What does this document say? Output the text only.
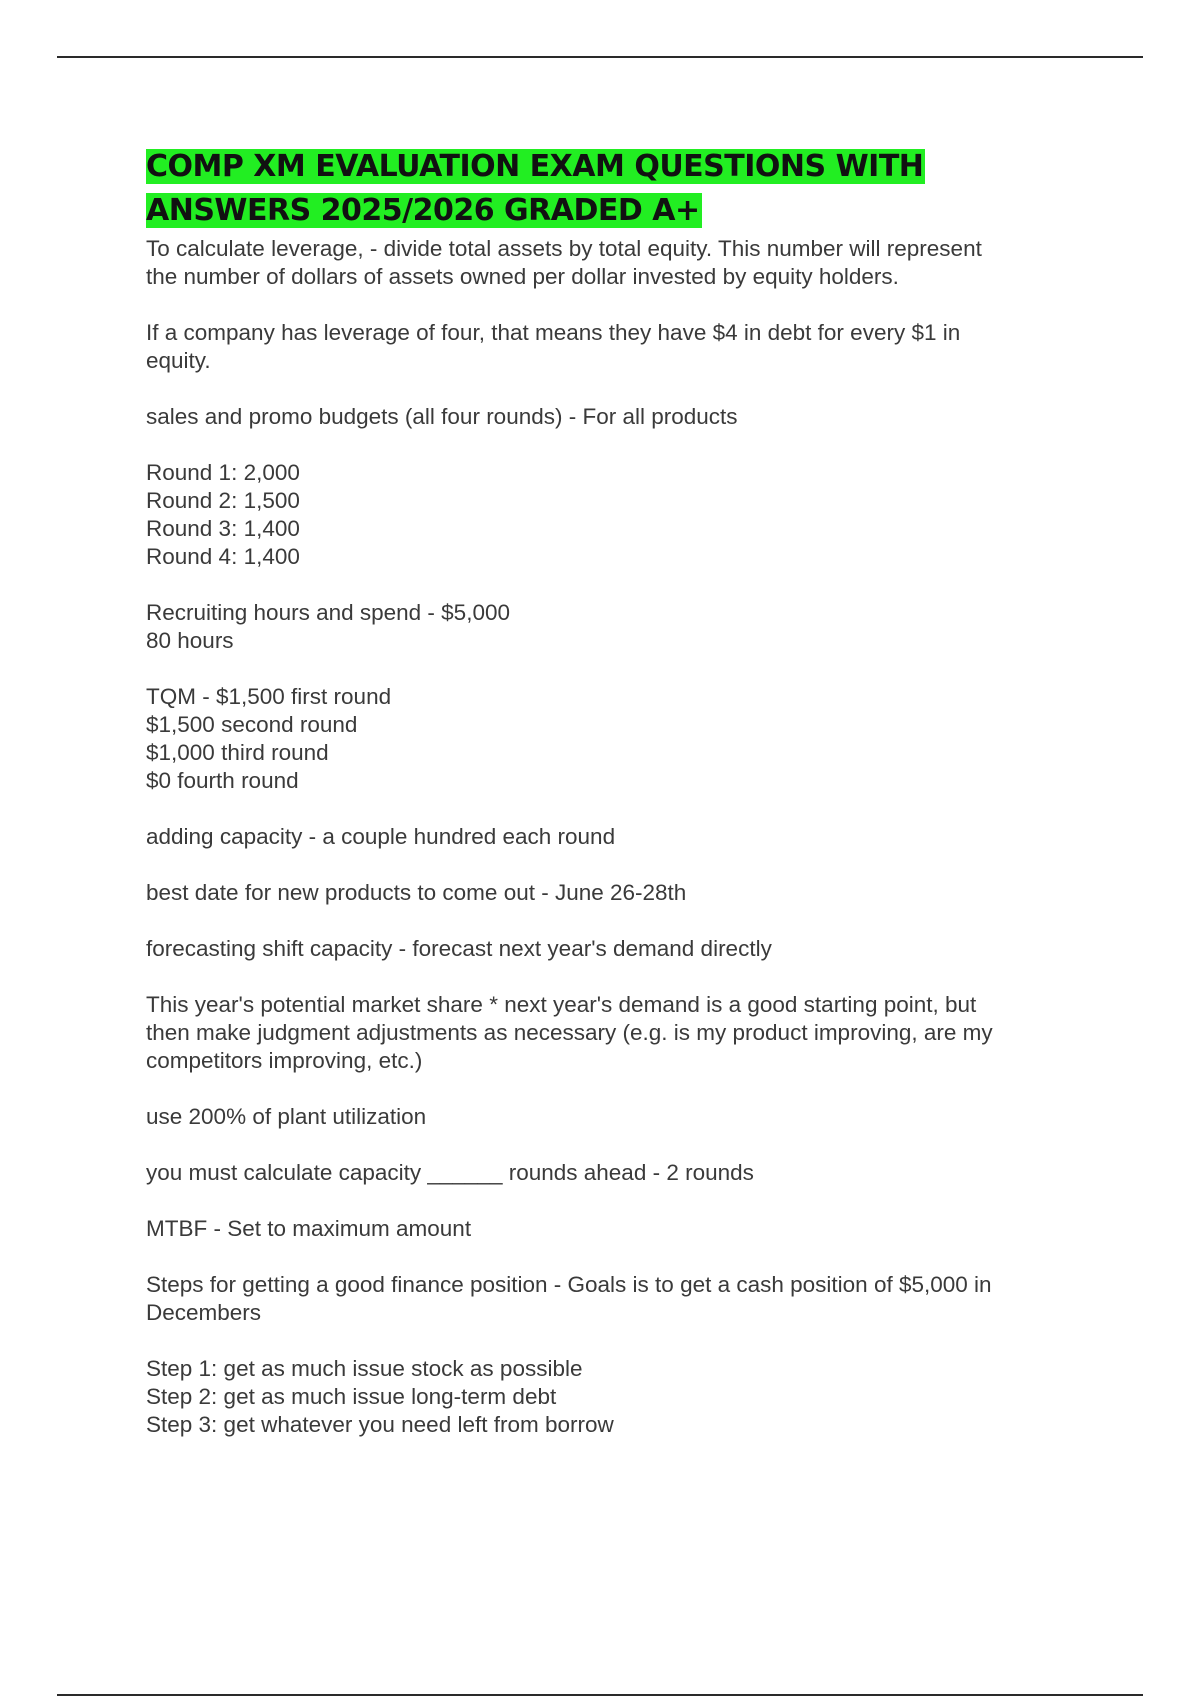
COMP XM EVALUATION EXAM QUESTIONS WITH
ANSWERS 2025/2026 GRADED A+
To calculate leverage, - divide total assets by total equity. This number will represent
the number of dollars of assets owned per dollar invested by equity holders.
If a company has leverage of four, that means they have $4 in debt for every $1 in
equity.
sales and promo budgets (all four rounds) - For all products
Round 1: 2,000
Round 2: 1,500
Round 3: 1,400
Round 4: 1,400
Recruiting hours and spend - $5,000
80 hours
TQM - $1,500 first round
$1,500 second round
$1,000 third round
$0 fourth round
adding capacity - a couple hundred each round
best date for new products to come out - June 26-28th
forecasting shift capacity - forecast next year's demand directly
This year's potential market share * next year's demand is a good starting point, but
then make judgment adjustments as necessary (e.g. is my product improving, are my
competitors improving, etc.)
use 200% of plant utilization
you must calculate capacity ______ rounds ahead - 2 rounds
MTBF - Set to maximum amount
Steps for getting a good finance position - Goals is to get a cash position of $5,000 in
Decembers
Step 1: get as much issue stock as possible
Step 2: get as much issue long-term debt
Step 3: get whatever you need left from borrow
